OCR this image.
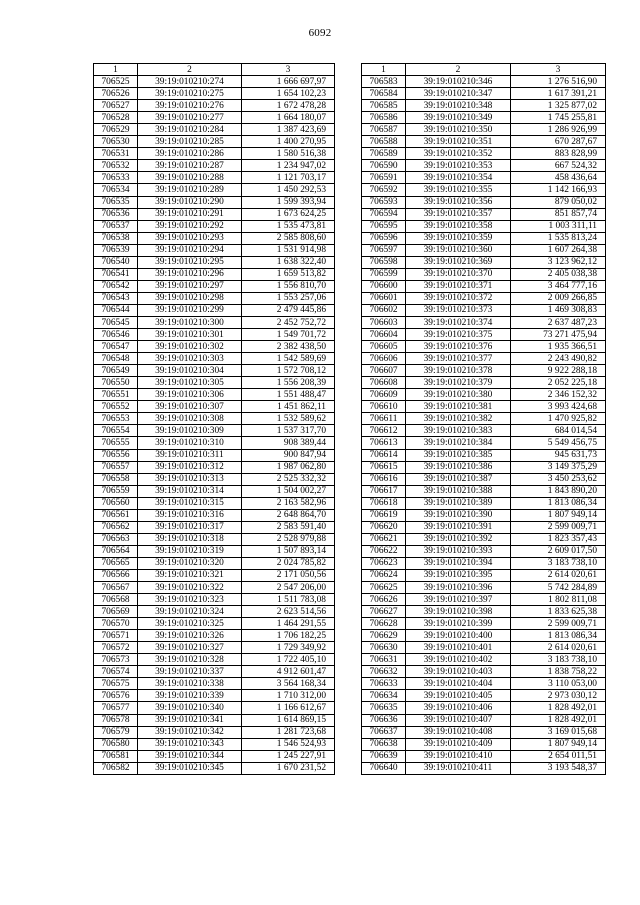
6092
1	2	3
706525	39:19:010210:274	1 666 697,97
706526	39:19:010210:275	1 654 102,23
706527	39:19:010210:276	1 672 478,28
706528	39:19:010210:277	1 664 180,07
706529	39:19:010210:284	1 387 423,69
706530	39:19:010210:285	1 400 270,95
706531	39:19:010210:286	1 580 516,38
706532	39:19:010210:287	1 234 947,02
706533	39:19:010210:288	1 121 703,17
706534	39:19:010210:289	1 450 292,53
706535	39:19:010210:290	1 599 393,94
706536	39:19:010210:291	1 673 624,25
706537	39:19:010210:292	1 535 473,81
706538	39:19:010210:293	2 585 808,60
706539	39:19:010210:294	1 531 914,98
706540	39:19:010210:295	1 638 322,40
706541	39:19:010210:296	1 659 513,82
706542	39:19:010210:297	1 556 810,70
706543	39:19:010210:298	1 553 257,06
706544	39:19:010210:299	2 479 445,86
706545	39:19:010210:300	2 452 752,72
706546	39:19:010210:301	1 549 701,72
706547	39:19:010210:302	2 382 438,50
706548	39:19:010210:303	1 542 589,69
706549	39:19:010210:304	1 572 708,12
706550	39:19:010210:305	1 556 208,39
706551	39:19:010210:306	1 551 488,47
706552	39:19:010210:307	1 451 862,11
706553	39:19:010210:308	1 532 589,62
706554	39:19:010210:309	1 537 317,70
706555	39:19:010210:310	908 389,44
706556	39:19:010210:311	900 847,94
706557	39:19:010210:312	1 987 062,80
706558	39:19:010210:313	2 525 332,32
706559	39:19:010210:314	1 504 002,27
706560	39:19:010210:315	2 163 582,96
706561	39:19:010210:316	2 648 864,70
706562	39:19:010210:317	2 583 591,40
706563	39:19:010210:318	2 528 979,88
706564	39:19:010210:319	1 507 893,14
706565	39:19:010210:320	2 024 785,82
706566	39:19:010210:321	2 171 050,56
706567	39:19:010210:322	2 547 206,00
706568	39:19:010210:323	1 511 783,08
706569	39:19:010210:324	2 623 514,56
706570	39:19:010210:325	1 464 291,55
706571	39:19:010210:326	1 706 182,25
706572	39:19:010210:327	1 729 349,92
706573	39:19:010210:328	1 722 405,10
706574	39:19:010210:337	4 912 601,47
706575	39:19:010210:338	3 564 168,34
706576	39:19:010210:339	1 710 312,00
706577	39:19:010210:340	1 166 612,67
706578	39:19:010210:341	1 614 869,15
706579	39:19:010210:342	1 281 723,68
706580	39:19:010210:343	1 546 524,93
706581	39:19:010210:344	1 245 227,91
706582	39:19:010210:345	1 670 231,52
1	2	3
706583	39:19:010210:346	1 276 516,90
706584	39:19:010210:347	1 617 391,21
706585	39:19:010210:348	1 325 877,02
706586	39:19:010210:349	1 745 255,81
706587	39:19:010210:350	1 286 926,99
706588	39:19:010210:351	670 287,67
706589	39:19:010210:352	883 828,99
706590	39:19:010210:353	667 524,32
706591	39:19:010210:354	458 436,64
706592	39:19:010210:355	1 142 166,93
706593	39:19:010210:356	879 050,02
706594	39:19:010210:357	851 857,74
706595	39:19:010210:358	1 003 311,11
706596	39:19:010210:359	1 535 813,24
706597	39:19:010210:360	1 607 264,38
706598	39:19:010210:369	3 123 962,12
706599	39:19:010210:370	2 405 038,38
706600	39:19:010210:371	3 464 777,16
706601	39:19:010210:372	2 009 266,85
706602	39:19:010210:373	1 469 308,83
706603	39:19:010210:374	2 637 487,23
706604	39:19:010210:375	73 271 475,94
706605	39:19:010210:376	1 935 366,51
706606	39:19:010210:377	2 243 490,82
706607	39:19:010210:378	9 922 288,18
706608	39:19:010210:379	2 052 225,18
706609	39:19:010210:380	2 346 152,32
706610	39:19:010210:381	3 993 424,68
706611	39:19:010210:382	1 470 925,82
706612	39:19:010210:383	684 014,54
706613	39:19:010210:384	5 549 456,75
706614	39:19:010210:385	945 631,73
706615	39:19:010210:386	3 149 375,29
706616	39:19:010210:387	3 450 253,62
706617	39:19:010210:388	1 843 890,20
706618	39:19:010210:389	1 813 086,34
706619	39:19:010210:390	1 807 949,14
706620	39:19:010210:391	2 599 009,71
706621	39:19:010210:392	1 823 357,43
706622	39:19:010210:393	2 609 017,50
706623	39:19:010210:394	3 183 738,10
706624	39:19:010210:395	2 614 020,61
706625	39:19:010210:396	5 742 284,89
706626	39:19:010210:397	1 802 811,08
706627	39:19:010210:398	1 833 625,38
706628	39:19:010210:399	2 599 009,71
706629	39:19:010210:400	1 813 086,34
706630	39:19:010210:401	2 614 020,61
706631	39:19:010210:402	3 183 738,10
706632	39:19:010210:403	1 838 758,22
706633	39:19:010210:404	3 110 053,00
706634	39:19:010210:405	2 973 030,12
706635	39:19:010210:406	1 828 492,01
706636	39:19:010210:407	1 828 492,01
706637	39:19:010210:408	3 169 015,68
706638	39:19:010210:409	1 807 949,14
706639	39:19:010210:410	2 654 011,51
706640	39:19:010210:411	3 193 548,37
